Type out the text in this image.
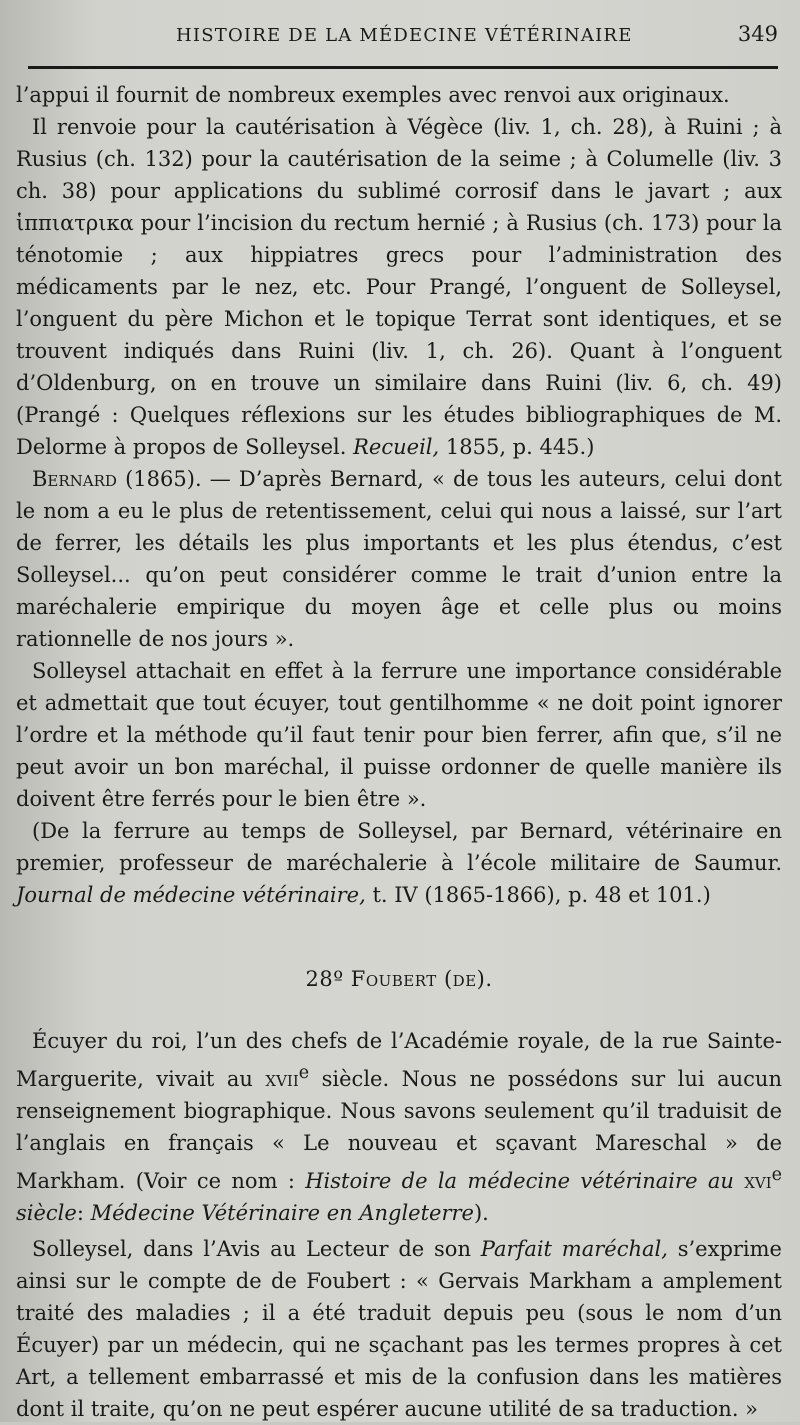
HISTOIRE DE LA MÉDECINE VÉTÉRINAIRE	349

l’appui il fournit de nombreux exemples avec renvoi aux originaux.

Il renvoie pour la cautérisation à Végèce (liv. 1, ch. 28), à Ruini ; à Rusius (ch. 132) pour la cautérisation de la seime ; à Columelle (liv. 3 ch. 38) pour applications du sublimé corrosif dans le javart ; aux ἱππιατρικα pour l’incision du rectum hernié ; à Rusius (ch. 173) pour la ténotomie ; aux hippiatres grecs pour l’administration des médicaments par le nez, etc. Pour Prangé, l’onguent de Solleysel, l’onguent du père Michon et le topique Terrat sont identiques, et se trouvent indiqués dans Ruini (liv. 1, ch. 26). Quant à l’onguent d’Oldenburg, on en trouve un similaire dans Ruini (liv. 6, ch. 49) (Prangé : Quelques réflexions sur les études bibliographiques de M. Delorme à propos de Solleysel. Recueil, 1855, p. 445.)

Bernard (1865). — D’après Bernard, « de tous les auteurs, celui dont le nom a eu le plus de retentissement, celui qui nous a laissé, sur l’art de ferrer, les détails les plus importants et les plus étendus, c’est Solleysel... qu’on peut considérer comme le trait d’union entre la maréchalerie empirique du moyen âge et celle plus ou moins rationnelle de nos jours ».

Solleysel attachait en effet à la ferrure une importance considérable et admettait que tout écuyer, tout gentilhomme « ne doit point ignorer l’ordre et la méthode qu’il faut tenir pour bien ferrer, afin que, s’il ne peut avoir un bon maréchal, il puisse ordonner de quelle manière ils doivent être ferrés pour le bien être ».

(De la ferrure au temps de Solleysel, par Bernard, vétérinaire en premier, professeur de maréchalerie à l’école militaire de Saumur. Journal de médecine vétérinaire, t. IV (1865-1866), p. 48 et 101.)

28º Foubert (de).

Écuyer du roi, l’un des chefs de l’Académie royale, de la rue Sainte-Marguerite, vivait au xvii$^e$ siècle. Nous ne possédons sur lui aucun renseignement biographique. Nous savons seulement qu’il traduisit de l’anglais en français « Le nouveau et sçavant Mareschal » de Markham. (Voir ce nom : Histoire de la médecine vétérinaire au xvi$^e$ siècle: Médecine Vétérinaire en Angleterre).

Solleysel, dans l’Avis au Lecteur de son Parfait maréchal, s’exprime ainsi sur le compte de de Foubert : « Gervais Markham a amplement traité des maladies ; il a été traduit depuis peu (sous le nom d’un Écuyer) par un médecin, qui ne sçachant pas les termes propres à cet Art, a tellement embarrassé et mis de la confusion dans les matières dont il traite, qu’on ne peut espérer aucune utilité de sa traduction. »
